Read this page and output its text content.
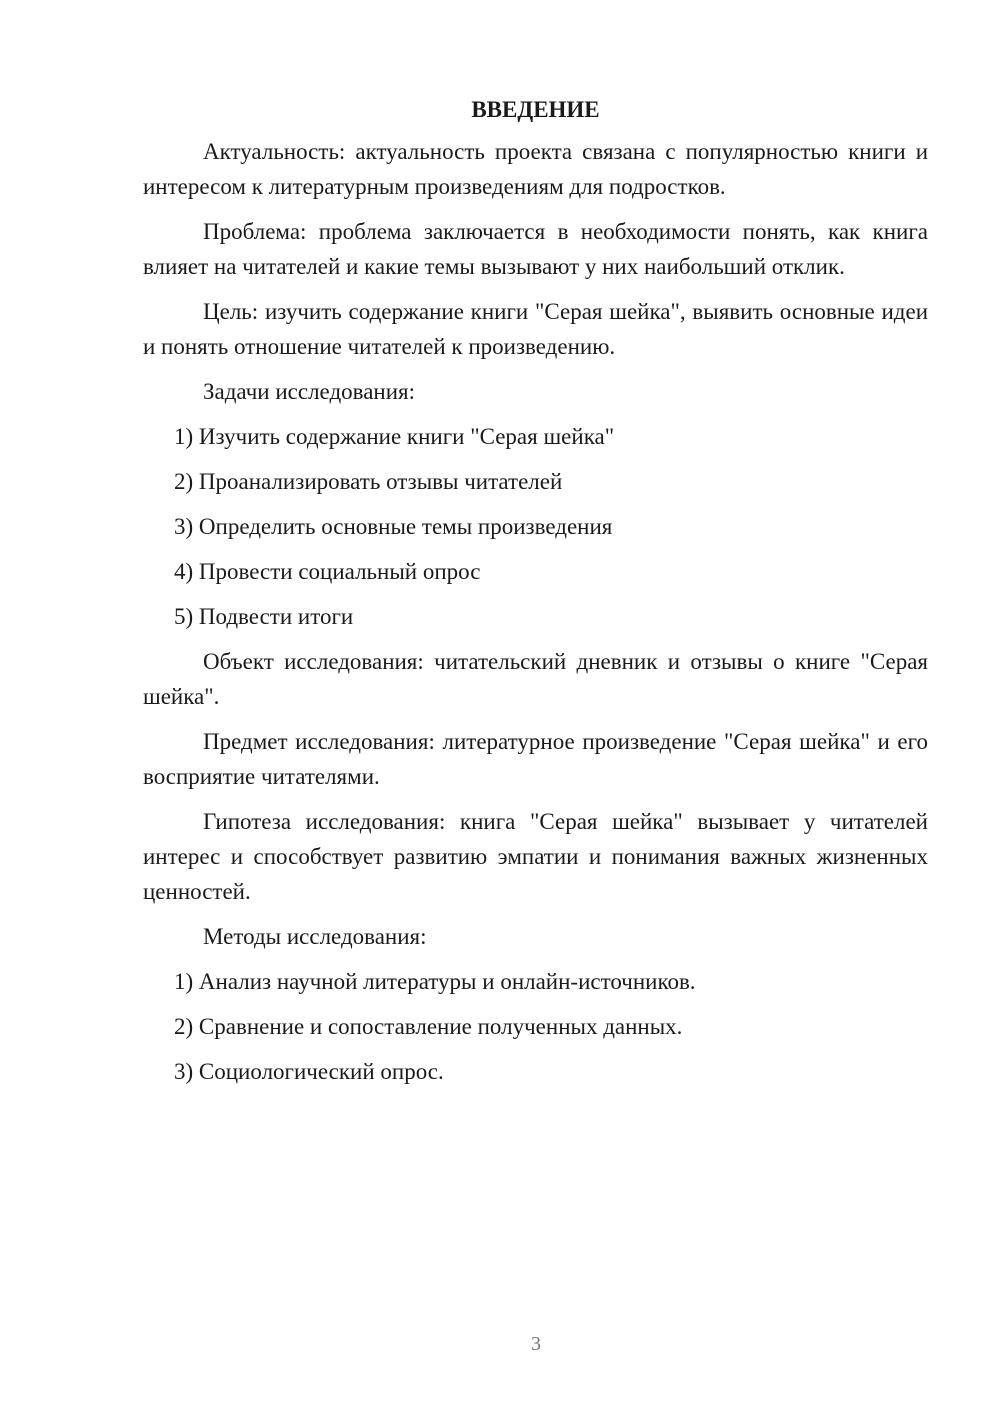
ВВЕДЕНИЕ

Актуальность: актуальность проекта связана с популярностью книги и интересом к литературным произведениям для подростков.

Проблема: проблема заключается в необходимости понять, как книга влияет на читателей и какие темы вызывают у них наибольший отклик.

Цель: изучить содержание книги "Серая шейка", выявить основные идеи и понять отношение читателей к произведению.

Задачи исследования:

1) Изучить содержание книги "Серая шейка"

2) Проанализировать отзывы читателей

3) Определить основные темы произведения

4) Провести социальный опрос

5) Подвести итоги

Объект исследования: читательский дневник и отзывы о книге "Серая шейка".

Предмет исследования: литературное произведение "Серая шейка" и его восприятие читателями.

Гипотеза исследования: книга "Серая шейка" вызывает у читателей интерес и способствует развитию эмпатии и понимания важных жизненных ценностей.

Методы исследования:

1) Анализ научной литературы и онлайн-источников.

2) Сравнение и сопоставление полученных данных.

3) Социологический опрос.

3
